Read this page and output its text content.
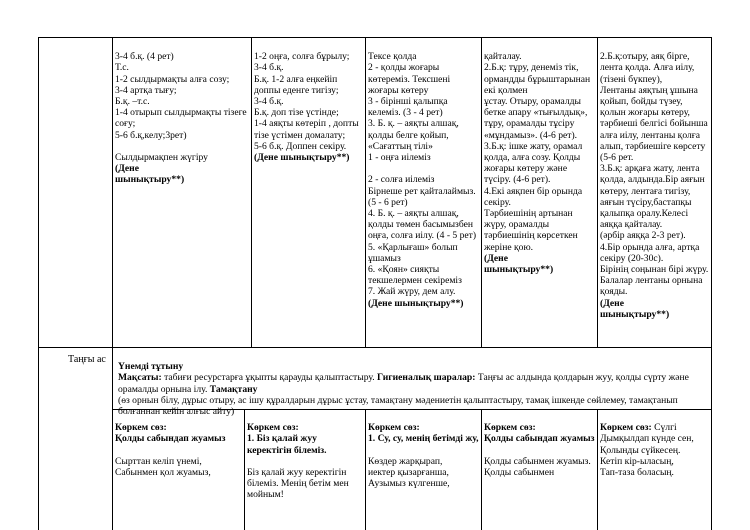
3-4 б.қ. (4 рет)
Т.с.
1-2 сылдырмақты алға созу;
3-4 артқа тығу;
Б.қ. –т.с.
1-4 отырып сылдырмақты тізеге соғу;
5-6 б.қ,келу;3рет)

Сылдырмақпен жүгіру

(Дене
шынықтыру**)

1-2 оңға, солға бұрылу;
3-4 б.қ.
Б.қ. 1-2 алға еңкейіп доппы еденге тигізу;
3-4 б.қ.
Б.қ. доп тізе үстінде;
1-4 аяқты көтеріп , допты тізе үстімен домалату;
5-6 б.қ. Доппен секіру.

(Дене шынықтыру**)

Тексе қолда
2 - қолды жоғары көтереміз. Тексшені жоғары көтеру
3 - біріншi қалыпқа келеміз. (3 - 4 рет)
3. Б. қ. – аяқты алшақ, қолды белге қойып, «Сағаттың тілі»
1 - оңға иілеміз

2 - солға иілеміз
Бірнеше рет қайталаймыз.(5 - 6 рет)
4. Б. қ. – аяқты алшақ, қолды төмен басымызбен оңға, солға иілу. (4 - 5 рет)
5. «Қарлығаш» болып ұшамыз
6. «Қоян» сияқты текшелермен секіреміз
7. Жай жүру, дем алу.

(Дене шынықтыру**)

қайталау.
2.Б.қ: тұру, денеміз тік, ормандды бұрыштарынан екі қолмен
ұстау. Отыру, орамалды бетке апару «тығылдық», тұру, орамалды тұсіру «мұндамыз». (4-6 рет).
3.Б.қ: ішке жату, орамал қолда, алға созу. Қолды жоғары көтеру және түсіру. (4-6 рет).
4.Екі аяқпен бір орында секіру.
Тәрбиешінің артынан жүру, орамалды тәрбиешінің көрсеткен жеріне қою.

(Дене
шынықтыру**)

2.Б.қ:отыру, аяқ бірге, лента қолда. Алға иілу, (тізені бүкпеу),
Лентаны аяқтың ұшына қойып, бойды түзеу, қолын жоғары көтеру, тәрбиеші белгісі бойынша алға иілу, лентаны қолға алып, тәрбиешіге көрсету (5-6 рет.
3.Б.қ: арқаға жату, лента қолда, алдында.Бір аяғын көтеру, лентаға тигізу, аяғын түсіру,бастапқы қалыпқа оралу.Келесі аяққа қайталау.
(әрбір аяққа 2-3 рет).
4.Бір орында алға, артқа секіру (20-30с).
Бірінің соңынан бірі жүру. Балалар лентаны орнына қояды.

(Дене
шынықтыру**)

Таңғы ас

Үнемді тұтыну
Мақсаты: табиғи ресурстарға ұқыпты қарауды қалыптастыру. Гигиеналық шаралар: Таңғы ас алдында қолдарын жуу, қолды сүрту және орамалды орнына ілу. Тамақтану
(өз орнын білу, дұрыс отыру, ас ішу құралдарын дұрыс ұстау, тамақтану мәдениетін қалыптастыру, тамақ ішкенде сөйлемеу, тамақтанып болғаннан кейін алғыс айту)

Көркем сөз:
Қолды сабындап жуамыз

Сырттан келіп үнемі,
Сабынмен қол жуамыз,

Көркем сөз:
1. Біз қалай жуу керектігін білеміз.

Біз қалай жуу керектігін білеміз. Менің бетім мен мойным!

Көркем сөз:
1. Су, су, менің бетімді жу,

Көздер жарқырап,
иектер қызарғанша,
Аузымыз күлгенше,

Көркем сөз:
Қолды сабындап жуамыз

Қолды сабынмен жуамыз.
Қолды сабынмен

Көркем сөз: Сүлгі

Дымқылдап күнде сен,
Қолынды сүйкесең.
Кетіп кір-ыласың,
Тап-таза боласың.
